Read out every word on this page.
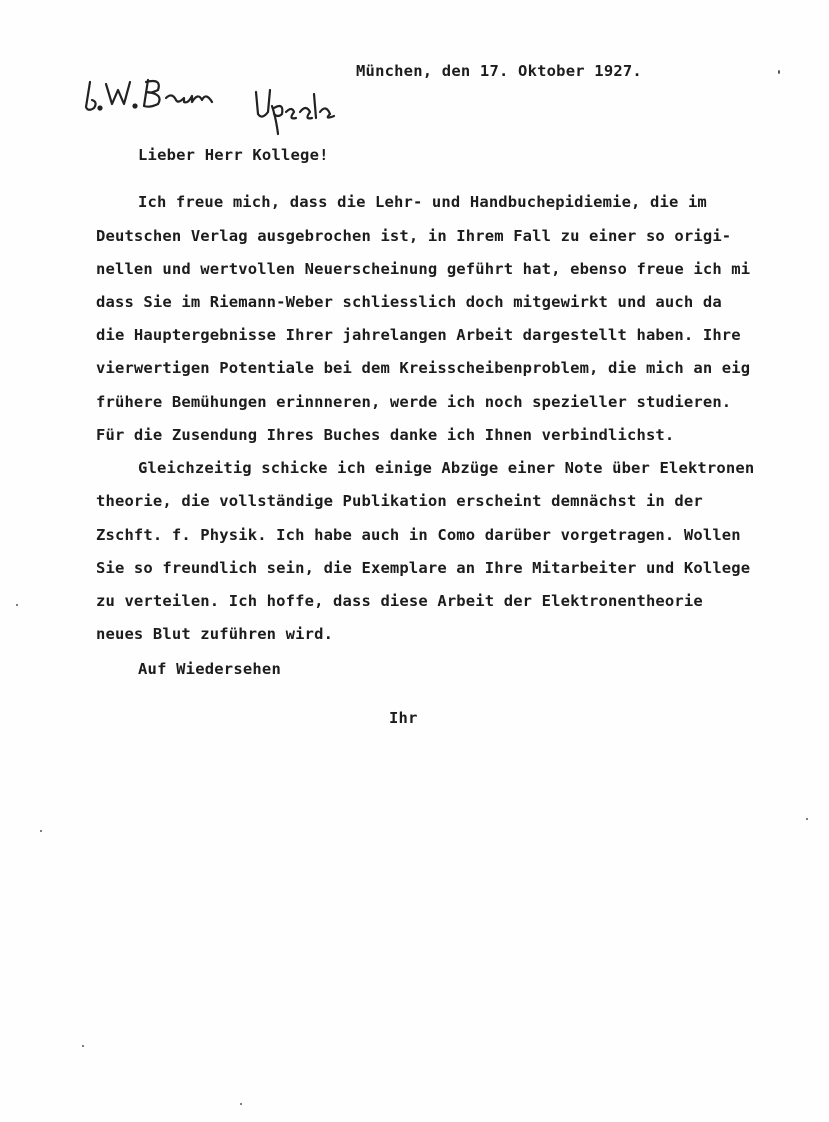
München, den 17. Oktober 1927.
Lieber Herr Kollege!
Ich freue mich, dass die Lehr- und Handbuchepidiemie, die im
Deutschen Verlag ausgebrochen ist, in Ihrem Fall zu einer so origi-
nellen und wertvollen Neuerscheinung geführt hat, ebenso freue ich mi
dass Sie im Riemann-Weber schliesslich doch mitgewirkt und auch da
die Hauptergebnisse Ihrer jahrelangen Arbeit dargestellt haben. Ihre
vierwertigen Potentiale bei dem Kreisscheibenproblem, die mich an eig
frühere Bemühungen erinnneren, werde ich noch spezieller studieren.
Für die Zusendung Ihres Buches danke ich Ihnen verbindlichst.
Gleichzeitig schicke ich einige Abzüge einer Note über Elektronen
theorie, die vollständige Publikation erscheint demnächst in der
Zschft. f. Physik. Ich habe auch in Como darüber vorgetragen. Wollen
Sie so freundlich sein, die Exemplare an Ihre Mitarbeiter und Kollege
zu verteilen. Ich hoffe, dass diese Arbeit der Elektronentheorie
neues Blut zuführen wird.
Auf Wiedersehen
Ihr
